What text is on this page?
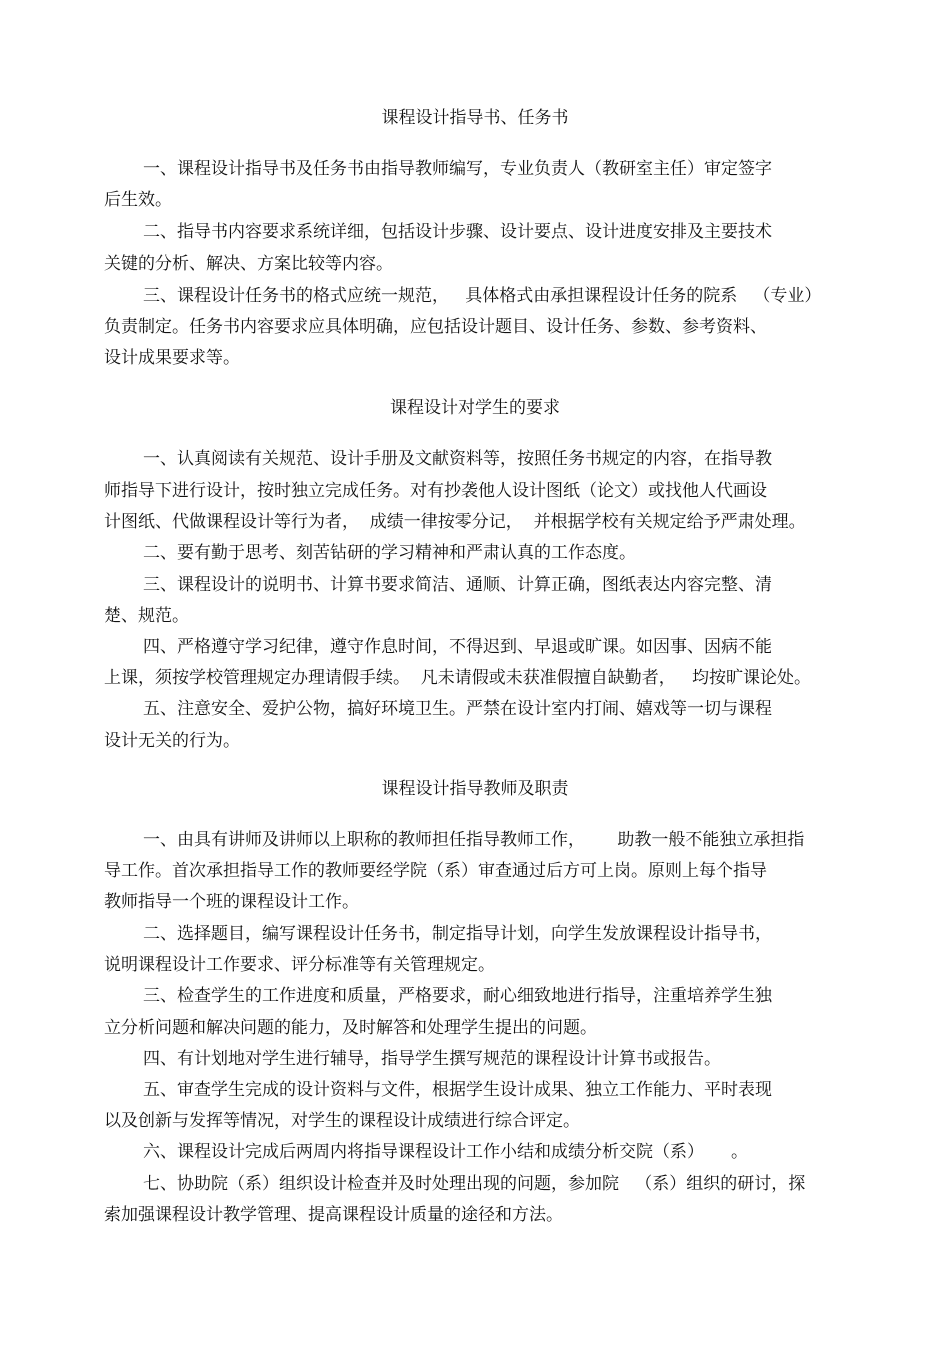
课程设计指导书、任务书
一、课程设计指导书及任务书由指导教师编写，专业负责人（教研室主任）审定签字
后生效。
二、指导书内容要求系统详细，包括设计步骤、设计要点、设计进度安排及主要技术
关键的分析、解决、方案比较等内容。
三、课程设计任务书的格式应统一规范，   具体格式由承担课程设计任务的院系   （专业）
负责制定。任务书内容要求应具体明确，应包括设计题目、设计任务、参数、参考资料、
设计成果要求等。
课程设计对学生的要求
一、认真阅读有关规范、设计手册及文献资料等，按照任务书规定的内容，在指导教
师指导下进行设计，按时独立完成任务。对有抄袭他人设计图纸（论文）或找他人代画设
计图纸、代做课程设计等行为者，  成绩一律按零分记，  并根据学校有关规定给予严肃处理。
二、要有勤于思考、刻苦钻研的学习精神和严肃认真的工作态度。
三、课程设计的说明书、计算书要求简洁、通顺、计算正确，图纸表达内容完整、清
楚、规范。
四、严格遵守学习纪律，遵守作息时间，不得迟到、早退或旷课。如因事、因病不能
上课，须按学校管理规定办理请假手续。  凡未请假或未获准假擅自缺勤者，   均按旷课论处。
五、注意安全、爱护公物，搞好环境卫生。严禁在设计室内打闹、嬉戏等一切与课程
设计无关的行为。
课程设计指导教师及职责
一、由具有讲师及讲师以上职称的教师担任指导教师工作，      助教一般不能独立承担指
导工作。首次承担指导工作的教师要经学院（系）审查通过后方可上岗。原则上每个指导
教师指导一个班的课程设计工作。
二、选择题目，编写课程设计任务书，制定指导计划，向学生发放课程设计指导书，
说明课程设计工作要求、评分标准等有关管理规定。
三、检查学生的工作进度和质量，严格要求，耐心细致地进行指导，注重培养学生独
立分析问题和解决问题的能力，及时解答和处理学生提出的问题。
四、有计划地对学生进行辅导，指导学生撰写规范的课程设计计算书或报告。
五、审查学生完成的设计资料与文件，根据学生设计成果、独立工作能力、平时表现
以及创新与发挥等情况，对学生的课程设计成绩进行综合评定。
六、课程设计完成后两周内将指导课程设计工作小结和成绩分析交院（系）     。
七、协助院（系）组织设计检查并及时处理出现的问题，参加院   （系）组织的研讨，探
索加强课程设计教学管理、提高课程设计质量的途径和方法。
